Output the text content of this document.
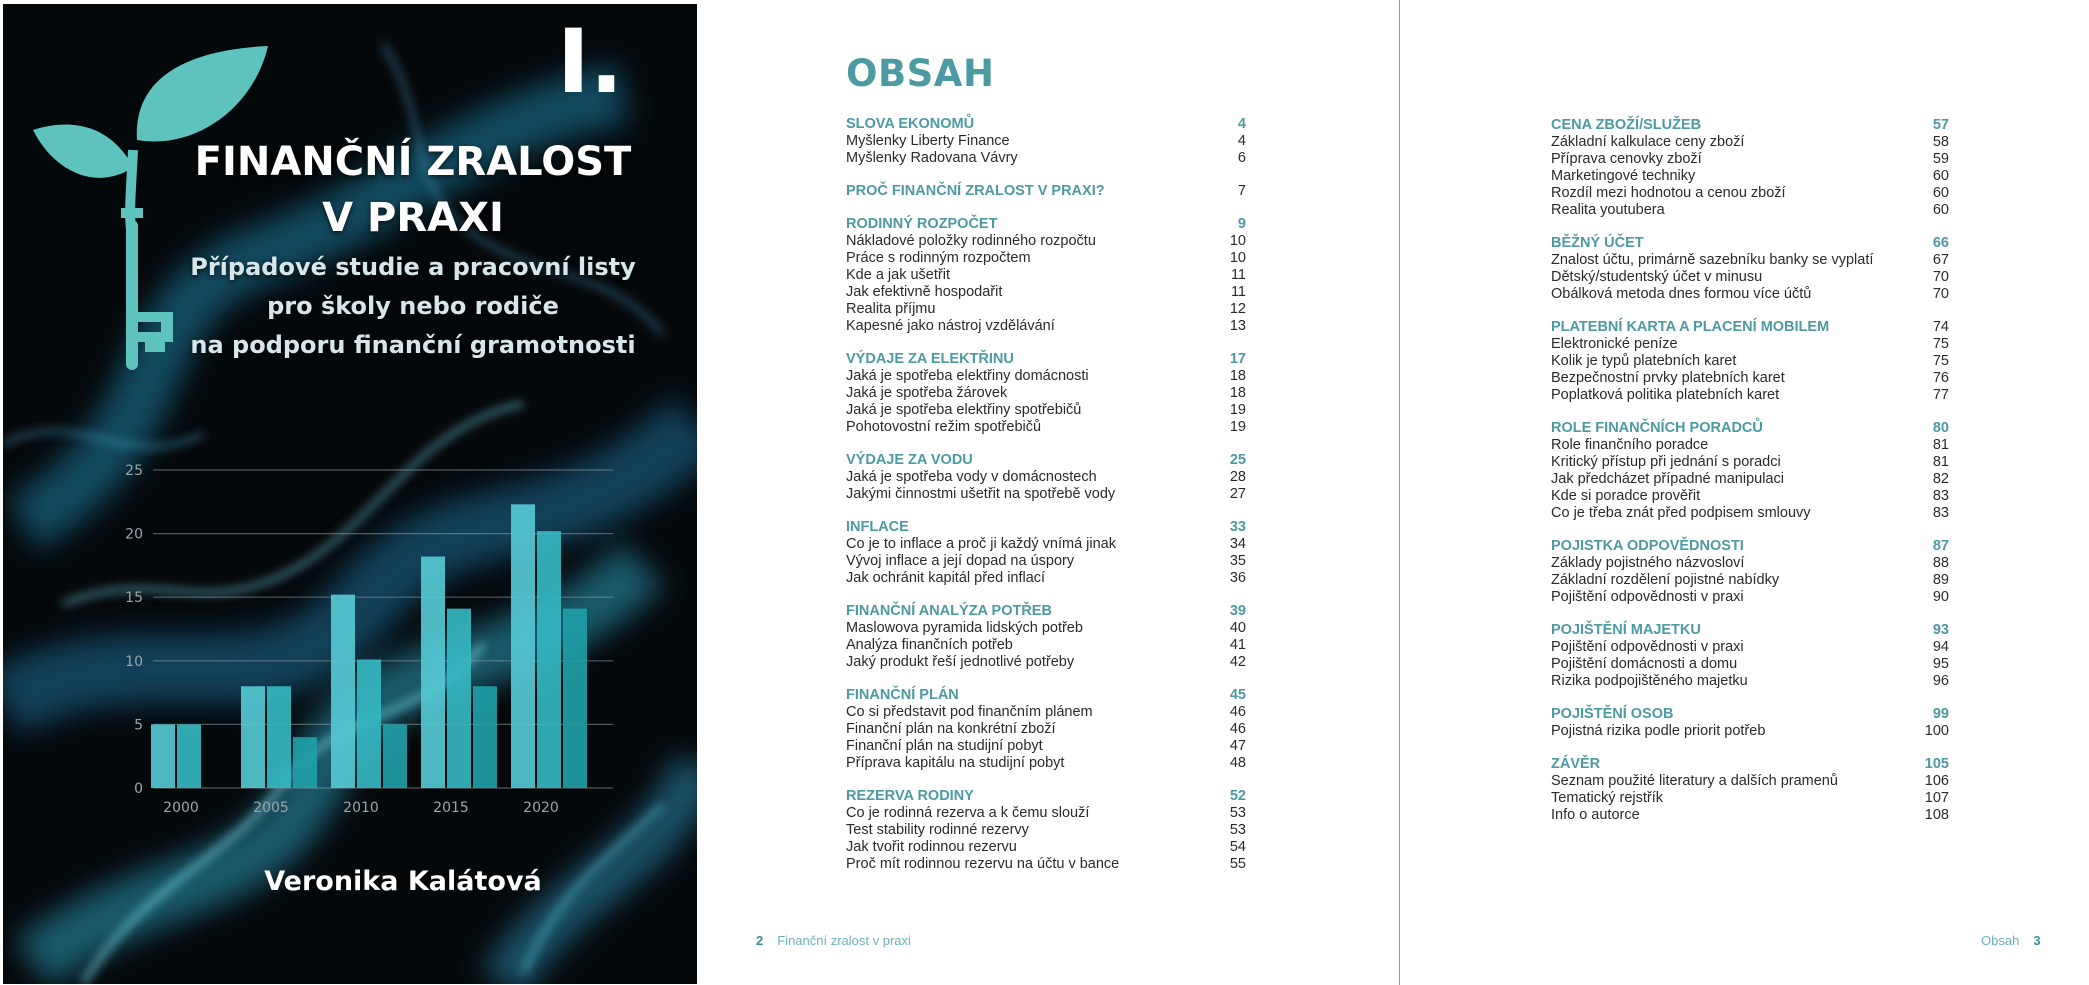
I.
FINANČNÍ ZRALOST
V PRAXI
Případové studie a pracovní listy
pro školy nebo rodiče
na podporu finanční gramotnosti
0
5
10
15
20
25
2000	2005	2010	2015	2020
Veronika Kalátová
OBSAH
SLOVA EKONOMŮ	4
Myšlenky Liberty Finance	4
Myšlenky Radovana Vávry	6
PROČ FINANČNÍ ZRALOST V PRAXI?	7
RODINNÝ ROZPOČET	9
Nákladové položky rodinného rozpočtu	10
Práce s rodinným rozpočtem	10
Kde a jak ušetřit	11
Jak efektivně hospodařit	11
Realita příjmu	12
Kapesné jako nástroj vzdělávání	13
VÝDAJE ZA ELEKTŘINU	17
Jaká je spotřeba elektřiny domácnosti	18
Jaká je spotřeba žárovek	18
Jaká je spotřeba elektřiny spotřebičů	19
Pohotovostní režim spotřebičů	19
VÝDAJE ZA VODU	25
Jaká je spotřeba vody v domácnostech	28
Jakými činnostmi ušetřit na spotřebě vody	27
INFLACE	33
Co je to inflace a proč ji každý vnímá jinak	34
Vývoj inflace a její dopad na úspory	35
Jak ochránit kapitál před inflací	36
FINANČNÍ ANALÝZA POTŘEB	39
Maslowova pyramida lidských potřeb	40
Analýza finančních potřeb	41
Jaký produkt řeší jednotlivé potřeby	42
FINANČNÍ PLÁN	45
Co si představit pod finančním plánem	46
Finanční plán na konkrétní zboží	46
Finanční plán na studijní pobyt	47
Příprava kapitálu na studijní pobyt	48
REZERVA RODINY	52
Co je rodinná rezerva a k čemu slouží	53
Test stability rodinné rezervy	53
Jak tvořit rodinnou rezervu	54
Proč mít rodinnou rezervu na účtu v bance	55
2 Finanční zralost v praxi
CENA ZBOŽÍ/SLUŽEB	57
Základní kalkulace ceny zboží	58
Příprava cenovky zboží	59
Marketingové techniky	60
Rozdíl mezi hodnotou a cenou zboží	60
Realita youtubera	60
BĚŽNÝ ÚČET	66
Znalost účtu, primárně sazebníku banky se vyplatí	67
Dětský/studentský účet v minusu	70
Obálková metoda dnes formou více účtů	70
PLATEBNÍ KARTA A PLACENÍ MOBILEM	74
Elektronické peníze	75
Kolik je typů platebních karet	75
Bezpečnostní prvky platebních karet	76
Poplatková politika platebních karet	77
ROLE FINANČNÍCH PORADCŮ	80
Role finančního poradce	81
Kritický přístup při jednání s poradci	81
Jak předcházet případné manipulaci	82
Kde si poradce prověřit	83
Co je třeba znát před podpisem smlouvy	83
POJISTKA ODPOVĚDNOSTI	87
Základy pojistného názvosloví	88
Základní rozdělení pojistné nabídky	89
Pojištění odpovědnosti v praxi	90
POJIŠTĚNÍ MAJETKU	93
Pojištění odpovědnosti v praxi	94
Pojištění domácnosti a domu	95
Rizika podpojištěného majetku	96
POJIŠTĚNÍ OSOB	99
Pojistná rizika podle priorit potřeb	100
ZÁVĚR	105
Seznam použité literatury a dalších pramenů	106
Tematický rejstřík	107
Info o autorce	108
Obsah 3
